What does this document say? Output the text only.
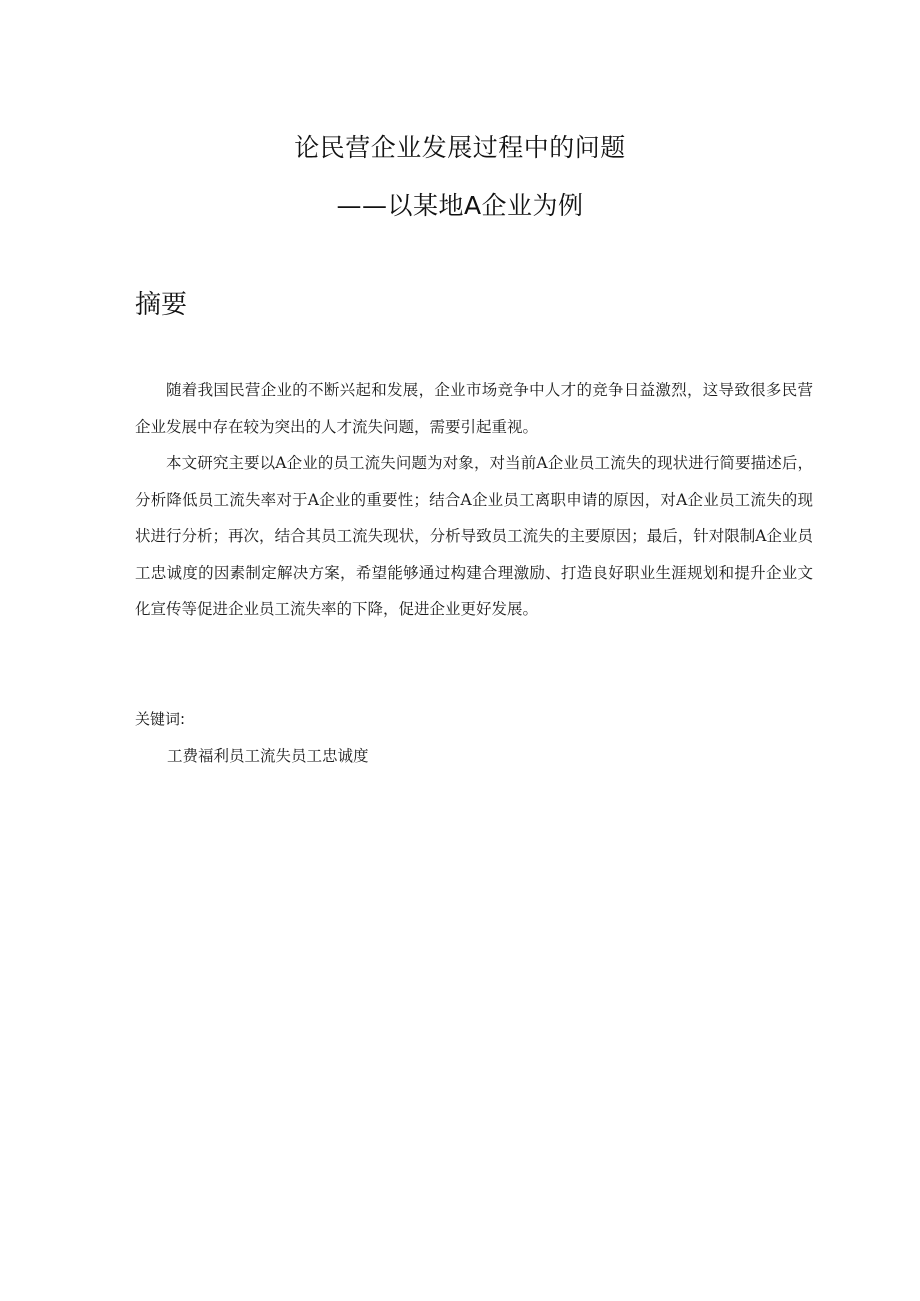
论民营企业发展过程中的问题
——以某地A企业为例
摘要

随着我国民营企业的不断兴起和发展，企业市场竞争中人才的竞争日益激烈，这导致很多民营企业发展中存在较为突出的人才流失问题，需要引起重视。

本文研究主要以A企业的员工流失问题为对象，对当前A企业员工流失的现状进行简要描述后，分析降低员工流失率对于A企业的重要性；结合A企业员工离职申请的原因，对A企业员工流失的现状进行分析；再次，结合其员工流失现状，分析导致员工流失的主要原因；最后，针对限制A企业员工忠诚度的因素制定解决方案，希望能够通过构建合理激励、打造良好职业生涯规划和提升企业文化宣传等促进企业员工流失率的下降，促进企业更好发展。

关键词:
工费福利员工流失员工忠诚度
